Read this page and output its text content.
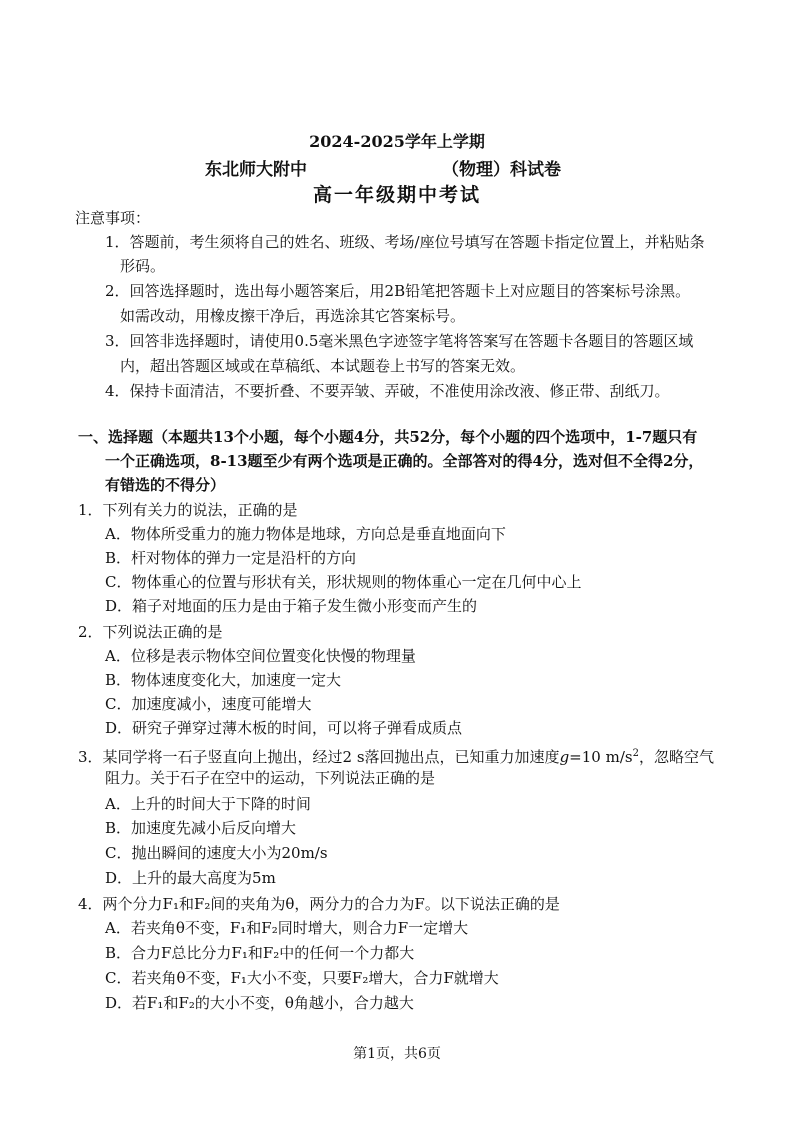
2024-2025学年上学期
东北师大附中	（物理）科试卷
高一年级期中考试
注意事项：
1．答题前，考生须将自己的姓名、班级、考场/座位号填写在答题卡指定位置上，并粘贴条
形码。
2．回答选择题时，选出每小题答案后，用2B铅笔把答题卡上对应题目的答案标号涂黑。
如需改动，用橡皮擦干净后，再选涂其它答案标号。
3．回答非选择题时，请使用0.5毫米黑色字迹签字笔将答案写在答题卡各题目的答题区域
内，超出答题区域或在草稿纸、本试题卷上书写的答案无效。
4．保持卡面清洁，不要折叠、不要弄皱、弄破，不准使用涂改液、修正带、刮纸刀。
一、选择题（本题共13个小题，每个小题4分，共52分，每个小题的四个选项中，1-7题只有
一个正确选项，8-13题至少有两个选项是正确的。全部答对的得4分，选对但不全得2分，
有错选的不得分）
1．下列有关力的说法，正确的是
A．物体所受重力的施力物体是地球，方向总是垂直地面向下
B．杆对物体的弹力一定是沿杆的方向
C．物体重心的位置与形状有关，形状规则的物体重心一定在几何中心上
D．箱子对地面的压力是由于箱子发生微小形变而产生的
2．下列说法正确的是
A．位移是表示物体空间位置变化快慢的物理量
B．物体速度变化大，加速度一定大
C．加速度减小，速度可能增大
D．研究子弹穿过薄木板的时间，可以将子弹看成质点
3．某同学将一石子竖直向上抛出，经过2 s落回抛出点，已知重力加速度g=10 $m/s^2$，忽略空气
阻力。关于石子在空中的运动，下列说法正确的是
A．上升的时间大于下降的时间
B．加速度先减小后反向增大
C．抛出瞬间的速度大小为20m/s
D．上升的最大高度为5m
4．两个分力F₁和F₂间的夹角为θ，两分力的合力为F。以下说法正确的是
A．若夹角θ不变，F₁和F₂同时增大，则合力F一定增大
B．合力F总比分力F₁和F₂中的任何一个力都大
C．若夹角θ不变，F₁大小不变，只要F₂增大，合力F就增大
D．若F₁和F₂的大小不变，θ角越小，合力越大
第1页，共6页
